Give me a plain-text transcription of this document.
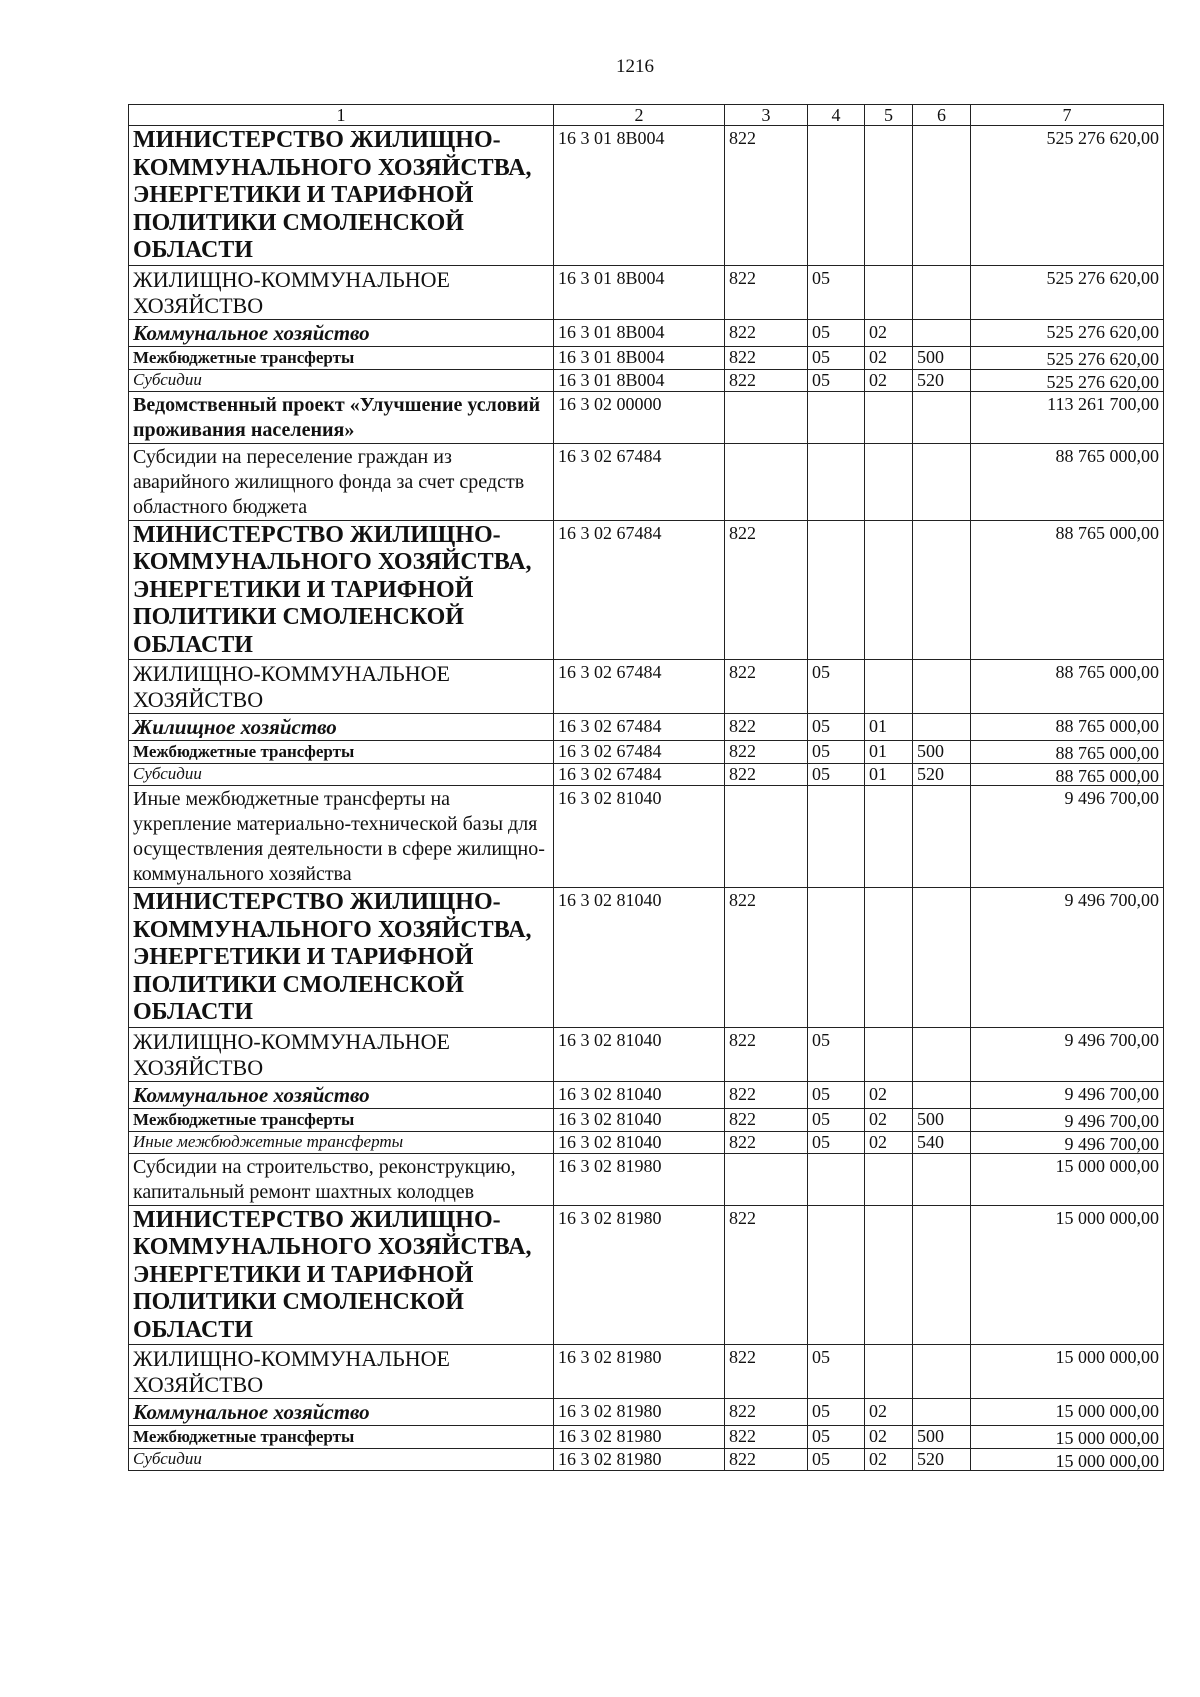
1216
1	2	3	4	5	6	7
МИНИСТЕРСТВО ЖИЛИЩНО-КОММУНАЛЬНОГО ХОЗЯЙСТВА, ЭНЕРГЕТИКИ И ТАРИФНОЙ ПОЛИТИКИ СМОЛЕНСКОЙ ОБЛАСТИ	16 3 01 8В004	822				525 276 620,00
ЖИЛИЩНО-КОММУНАЛЬНОЕ ХОЗЯЙСТВО	16 3 01 8В004	822	05			525 276 620,00
Коммунальное хозяйство	16 3 01 8В004	822	05	02		525 276 620,00
Межбюджетные трансферты	16 3 01 8В004	822	05	02	500	525 276 620,00
Субсидии	16 3 01 8В004	822	05	02	520	525 276 620,00
Ведомственный проект «Улучшение условий проживания населения»	16 3 02 00000					113 261 700,00
Субсидии на переселение граждан из аварийного жилищного фонда за счет средств областного бюджета	16 3 02 67484					88 765 000,00
МИНИСТЕРСТВО ЖИЛИЩНО-КОММУНАЛЬНОГО ХОЗЯЙСТВА, ЭНЕРГЕТИКИ И ТАРИФНОЙ ПОЛИТИКИ СМОЛЕНСКОЙ ОБЛАСТИ	16 3 02 67484	822				88 765 000,00
ЖИЛИЩНО-КОММУНАЛЬНОЕ ХОЗЯЙСТВО	16 3 02 67484	822	05			88 765 000,00
Жилищное хозяйство	16 3 02 67484	822	05	01		88 765 000,00
Межбюджетные трансферты	16 3 02 67484	822	05	01	500	88 765 000,00
Субсидии	16 3 02 67484	822	05	01	520	88 765 000,00
Иные межбюджетные трансферты на укрепление материально-технической базы для осуществления деятельности в сфере жилищно-коммунального хозяйства	16 3 02 81040					9 496 700,00
МИНИСТЕРСТВО ЖИЛИЩНО-КОММУНАЛЬНОГО ХОЗЯЙСТВА, ЭНЕРГЕТИКИ И ТАРИФНОЙ ПОЛИТИКИ СМОЛЕНСКОЙ ОБЛАСТИ	16 3 02 81040	822				9 496 700,00
ЖИЛИЩНО-КОММУНАЛЬНОЕ ХОЗЯЙСТВО	16 3 02 81040	822	05			9 496 700,00
Коммунальное хозяйство	16 3 02 81040	822	05	02		9 496 700,00
Межбюджетные трансферты	16 3 02 81040	822	05	02	500	9 496 700,00
Иные межбюджетные трансферты	16 3 02 81040	822	05	02	540	9 496 700,00
Субсидии на строительство, реконструкцию, капитальный ремонт шахтных колодцев	16 3 02 81980					15 000 000,00
МИНИСТЕРСТВО ЖИЛИЩНО-КОММУНАЛЬНОГО ХОЗЯЙСТВА, ЭНЕРГЕТИКИ И ТАРИФНОЙ ПОЛИТИКИ СМОЛЕНСКОЙ ОБЛАСТИ	16 3 02 81980	822				15 000 000,00
ЖИЛИЩНО-КОММУНАЛЬНОЕ ХОЗЯЙСТВО	16 3 02 81980	822	05			15 000 000,00
Коммунальное хозяйство	16 3 02 81980	822	05	02		15 000 000,00
Межбюджетные трансферты	16 3 02 81980	822	05	02	500	15 000 000,00
Субсидии	16 3 02 81980	822	05	02	520	15 000 000,00
